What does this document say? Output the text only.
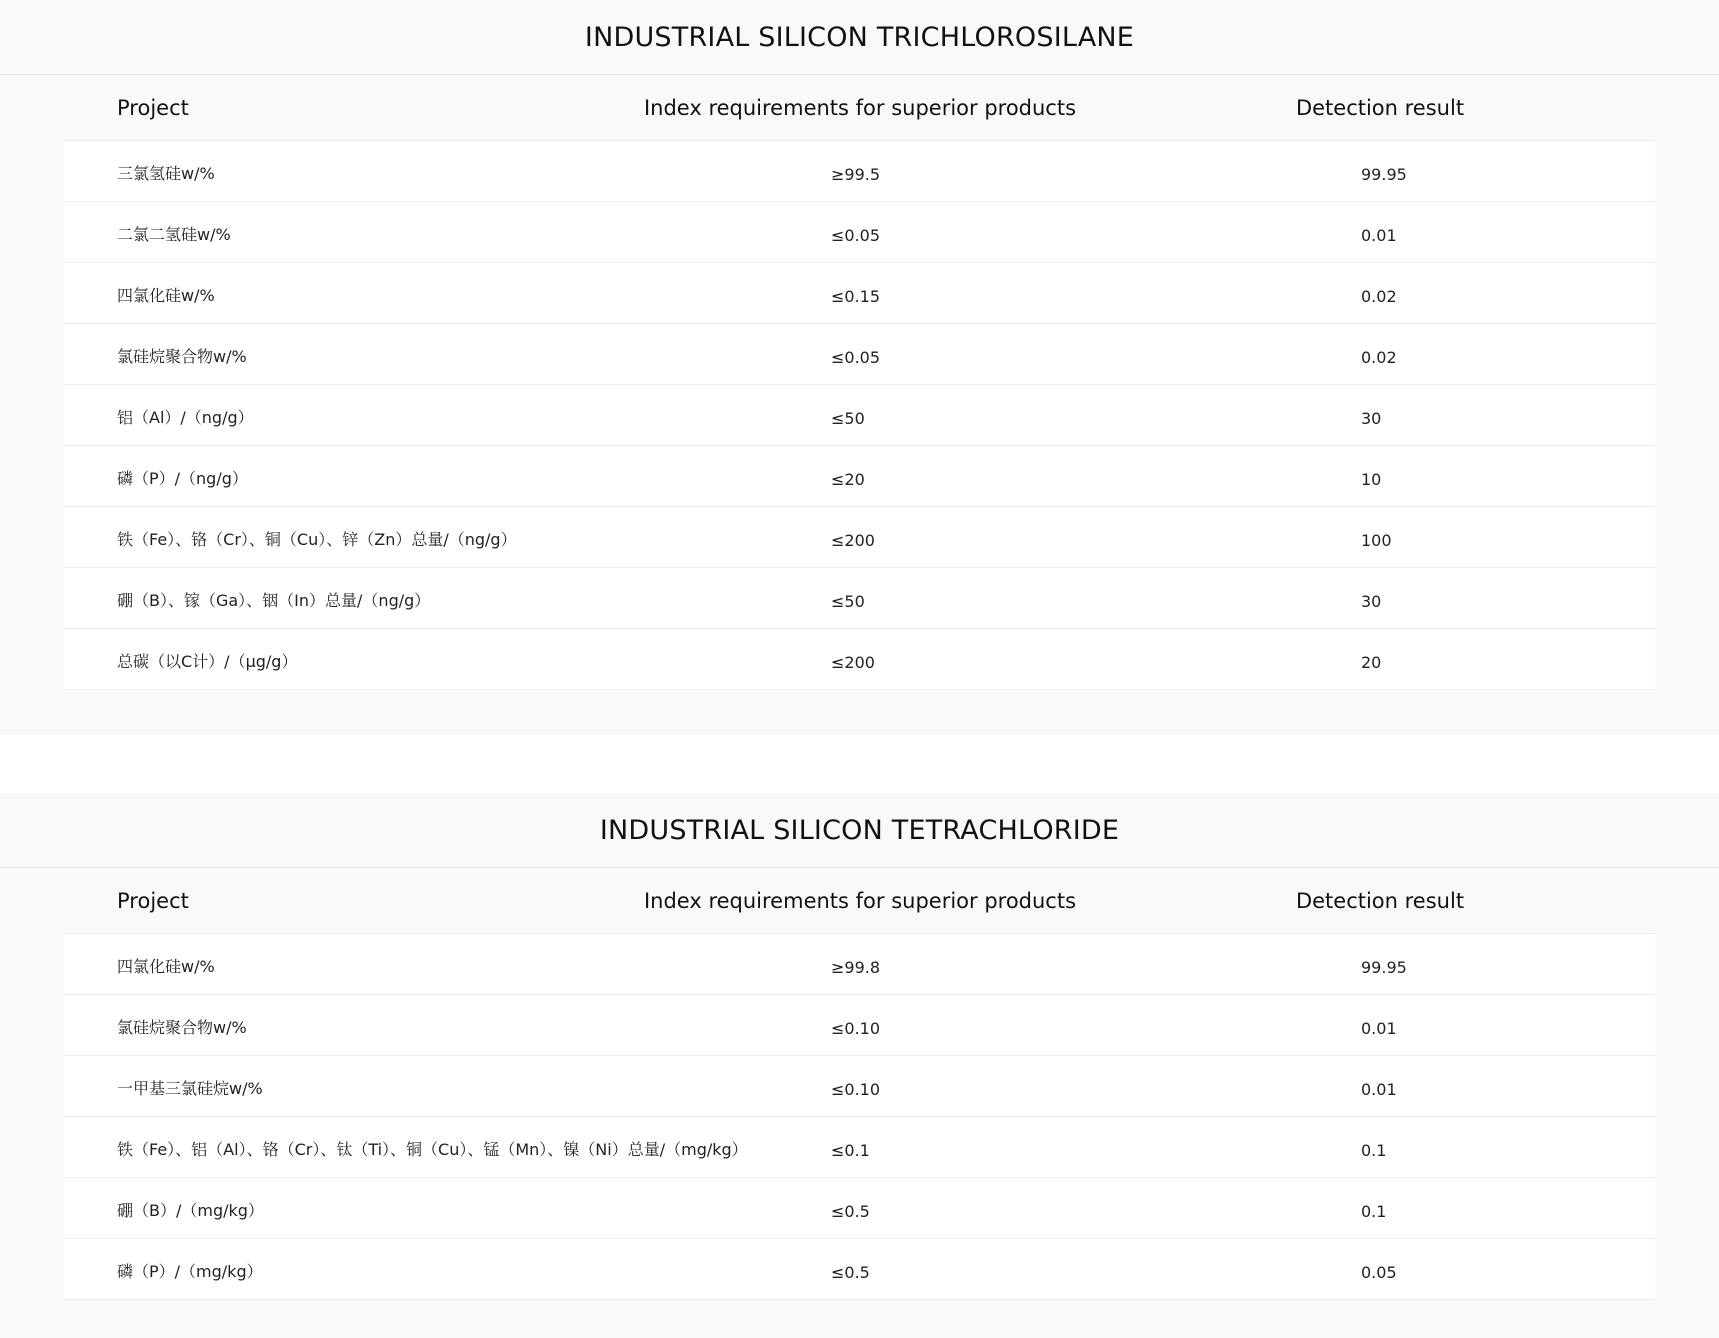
INDUSTRIAL SILICON TRICHLOROSILANE
Project	Index requirements for superior products	Detection result
三氯氢硅w/%	≥99.5	99.95
二氯二氢硅w/%	≤0.05	0.01
四氯化硅w/%	≤0.15	0.02
氯硅烷聚合物w/%	≤0.05	0.02
铝（Al）/（ng/g）	≤50	30
磷（P）/（ng/g）	≤20	10
铁（Fe）、铬（Cr）、铜（Cu）、锌（Zn）总量/（ng/g）	≤200	100
硼（B）、镓（Ga）、铟（In）总量/（ng/g）	≤50	30
总碳（以C计）/（μg/g）	≤200	20
INDUSTRIAL SILICON TETRACHLORIDE
Project	Index requirements for superior products	Detection result
四氯化硅w/%	≥99.8	99.95
氯硅烷聚合物w/%	≤0.10	0.01
一甲基三氯硅烷w/%	≤0.10	0.01
铁（Fe）、铝（Al）、铬（Cr）、钛（Ti）、铜（Cu）、锰（Mn）、镍（Ni）总量/（mg/kg）	≤0.1	0.1
硼（B）/（mg/kg）	≤0.5	0.1
磷（P）/（mg/kg）	≤0.5	0.05
